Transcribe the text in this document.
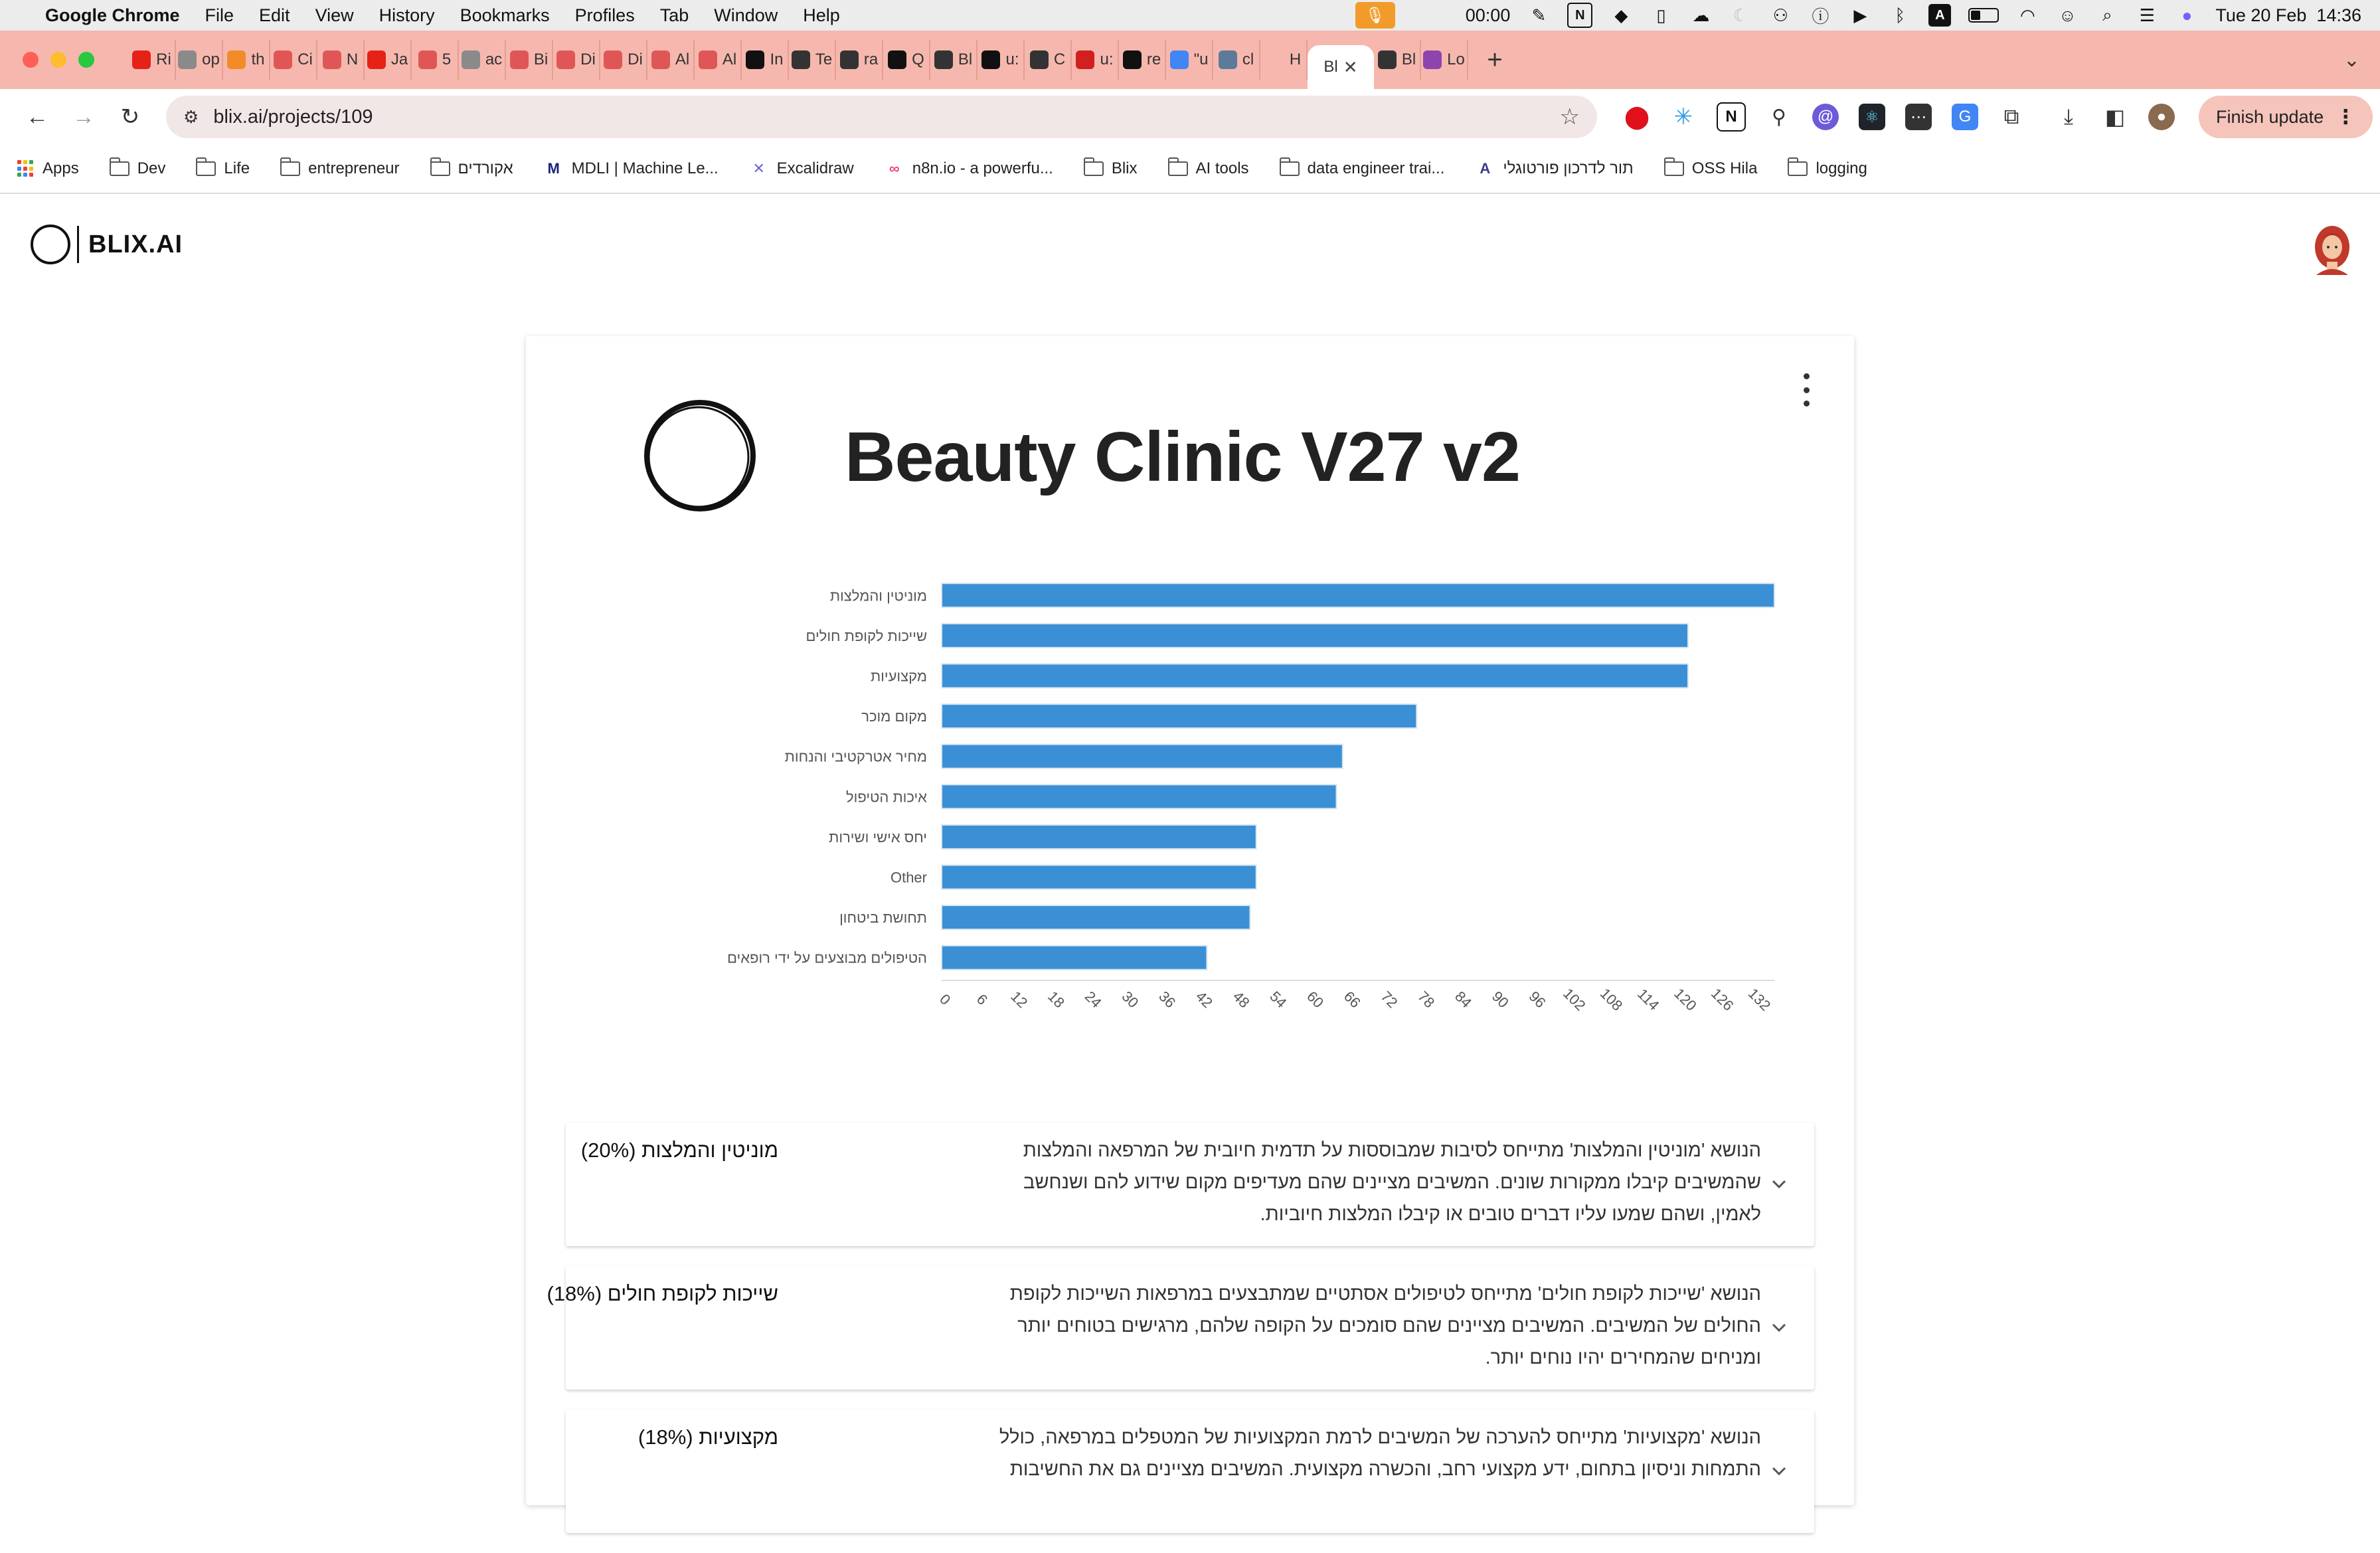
Google Chrome File Edit View History Bookmarks Profiles Tab Window Help	🎙	00:00 ✎	N	◆	▯	☁ ☾ ⚇ ⓘ ▶	ᛒ	A	◠ ☺	⌕	☰	●	Tue 20 Feb  14:36
Ri op th Ci N Ja 5 ac Bi Di Di Al Al In Te ra Q Bl u: C u: re "u cl H Bl ✕	Bl Lo +	⌄
←	→	↻	⚙ blix.ai/projects/109	☆ ⬤ ✳	N	⚲	@	⚛	⋯	G	⧉	⤓	◧	●	Finish update ⋮
Apps	Dev	Life	entrepreneur	אקורדים M MDLI | Machine Le... ✕ Excalidraw	∞ n8n.io - a powerfu...	Blix	AI tools	data engineer trai...	A תור לדרכון פורטוגלי	OSS Hila	logging
BLIX.AI
Beauty Clinic V27 v2
מוניטין והמלצות
שייכות לקופת חולים
מקצועיות
מקום מוכר
מחיר אטרקטיבי והנחות
איכות הטיפול
יחס אישי ושירות
Other
תחושת ביטחון
הטיפולים מבוצעים על ידי רופאים
0 6 12 18 24 30 36 42 48 54 60 66 72 78 84 90 96 102 108 114 120 126 132
מוניטין והמלצות (20%)	הנושא 'מוניטין והמלצות' מתייחס לסיבות שמבוססות על תדמית חיובית של המרפאה והמלצות שהמשיבים קיבלו ממקורות שונים. המשיבים מציינים שהם מעדיפים מקום שידוע להם ושנחשב לאמין, ושהם שמעו עליו דברים טובים או קיבלו המלצות חיוביות.
שייכות לקופת חולים (18%)	הנושא 'שייכות לקופת חולים' מתייחס לטיפולים אסתטיים שמתבצעים במרפאות השייכות לקופת החולים של המשיבים. המשיבים מציינים שהם סומכים על הקופה שלהם, מרגישים בטוחים יותר ומניחים שהמחירים יהיו נוחים יותר.
מקצועיות (18%)	הנושא 'מקצועיות' מתייחס להערכה של המשיבים לרמת המקצועיות של המטפלים במרפאה, כולל התמחות וניסיון בתחום, ידע מקצועי רחב, והכשרה מקצועית. המשיבים מציינים גם את החשיבות
